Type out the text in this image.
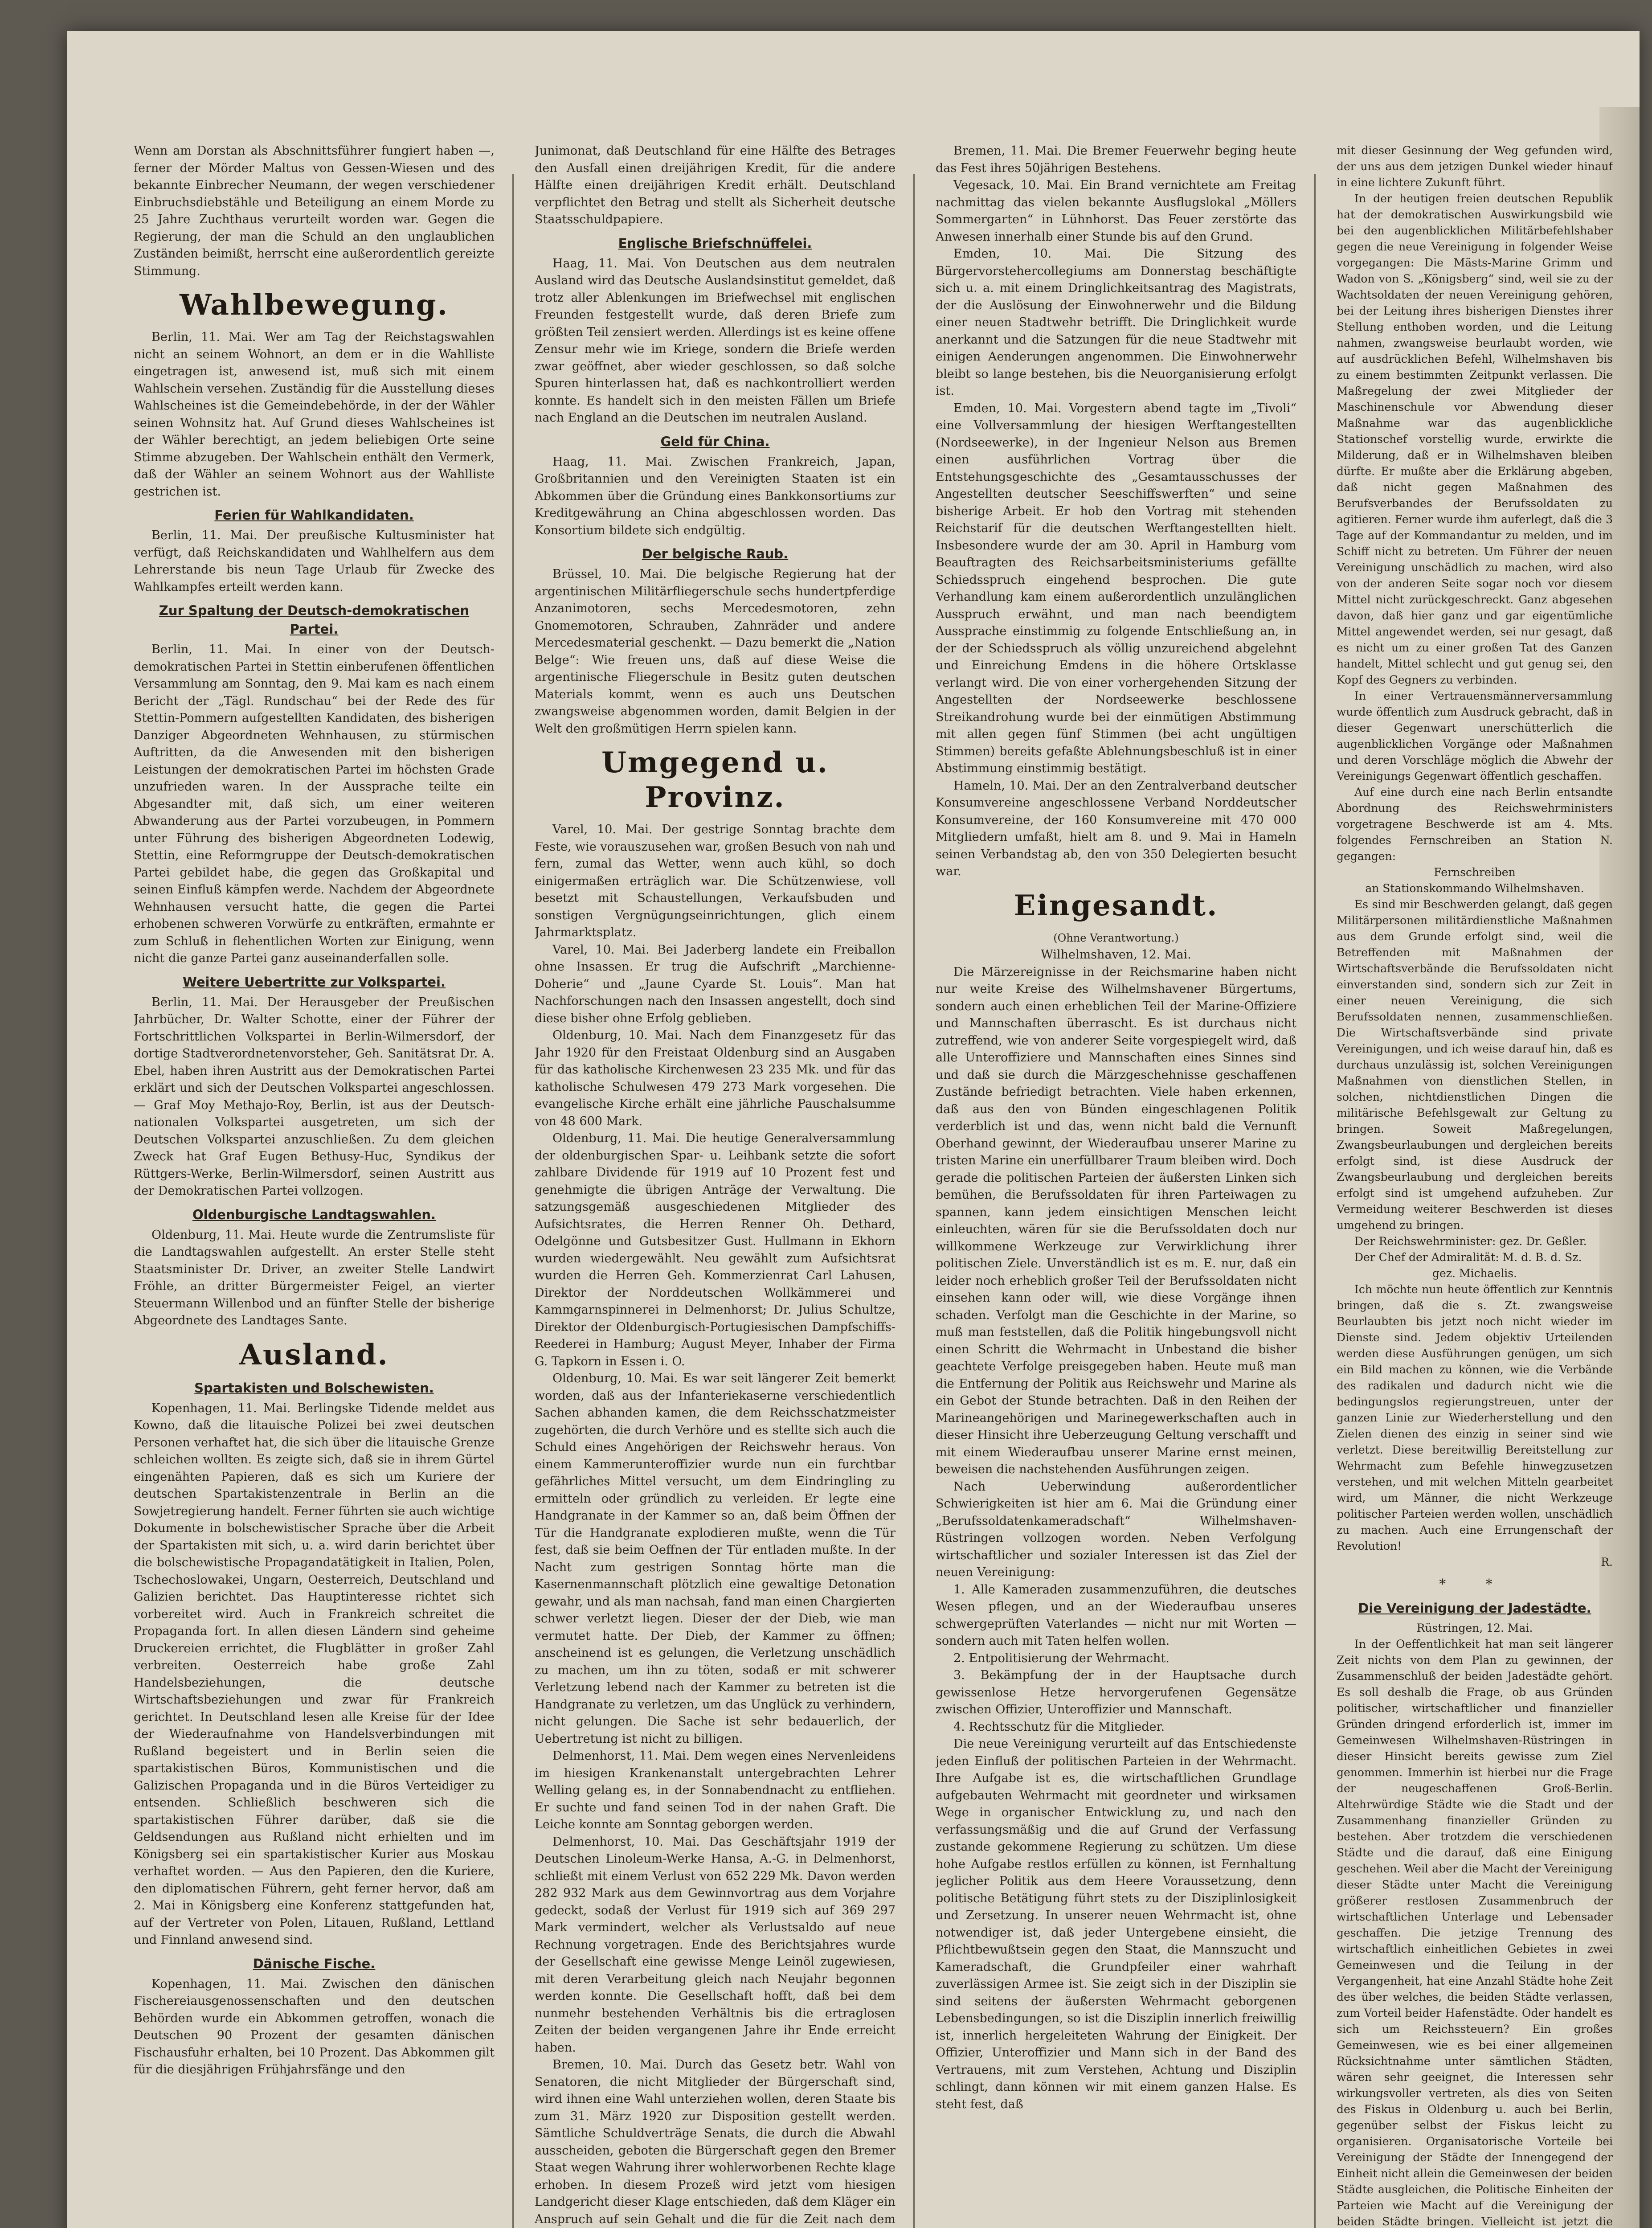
Wenn am Dorstan als Abschnittsführer fungiert haben —, ferner der Mörder Maltus von Gessen-Wiesen und des bekannte Einbrecher Neumann, der wegen verschiedener Einbruchsdiebstähle und Beteiligung an einem Morde zu 25 Jahre Zuchthaus verurteilt worden war. Gegen die Regierung, der man die Schuld an den unglaublichen Zuständen beimißt, herrscht eine außerordentlich gereizte Stimmung.

Wahlbewegung.

Berlin, 11. Mai. Wer am Tag der Reichstagswahlen nicht an seinem Wohnort, an dem er in die Wahlliste eingetragen ist, anwesend ist, muß sich mit einem Wahlschein versehen. Zuständig für die Ausstellung dieses Wahlscheines ist die Gemeindebehörde, in der der Wähler seinen Wohnsitz hat. Auf Grund dieses Wahlscheines ist der Wähler berechtigt, an jedem beliebigen Orte seine Stimme abzugeben. Der Wahlschein enthält den Vermerk, daß der Wähler an seinem Wohnort aus der Wahlliste gestrichen ist.

Ferien für Wahlkandidaten.

Berlin, 11. Mai. Der preußische Kultusminister hat verfügt, daß Reichskandidaten und Wahlhelfern aus dem Lehrerstande bis neun Tage Urlaub für Zwecke des Wahlkampfes erteilt werden kann.

Zur Spaltung der Deutsch-demokratischen Partei.

Berlin, 11. Mai. In einer von der Deutsch-demokratischen Partei in Stettin einberufenen öffentlichen Versammlung am Sonntag, den 9. Mai kam es nach einem Bericht der „Tägl. Rundschau“ bei der Rede des für Stettin-Pommern aufgestellten Kandidaten, des bisherigen Danziger Abgeordneten Wehnhausen, zu stürmischen Auftritten, da die Anwesenden mit den bisherigen Leistungen der demokratischen Partei im höchsten Grade unzufrieden waren. In der Aussprache teilte ein Abgesandter mit, daß sich, um einer weiteren Abwanderung aus der Partei vorzubeugen, in Pommern unter Führung des bisherigen Abgeordneten Lodewig, Stettin, eine Reformgruppe der Deutsch-demokratischen Partei gebildet habe, die gegen das Großkapital und seinen Einfluß kämpfen werde. Nachdem der Abgeordnete Wehnhausen versucht hatte, die gegen die Partei erhobenen schweren Vorwürfe zu entkräften, ermahnte er zum Schluß in flehentlichen Worten zur Einigung, wenn nicht die ganze Partei ganz auseinanderfallen solle.

Weitere Uebertritte zur Volkspartei.

Berlin, 11. Mai. Der Herausgeber der Preußischen Jahrbücher, Dr. Walter Schotte, einer der Führer der Fortschrittlichen Volkspartei in Berlin-Wilmersdorf, der dortige Stadtverordnetenvorsteher, Geh. Sanitätsrat Dr. A. Ebel, haben ihren Austritt aus der Demokratischen Partei erklärt und sich der Deutschen Volkspartei angeschlossen. — Graf Moy Methajo-Roy, Berlin, ist aus der Deutsch-nationalen Volkspartei ausgetreten, um sich der Deutschen Volkspartei anzuschließen. Zu dem gleichen Zweck hat Graf Eugen Bethusy-Huc, Syndikus der Rüttgers-Werke, Berlin-Wilmersdorf, seinen Austritt aus der Demokratischen Partei vollzogen.

Oldenburgische Landtagswahlen.

Oldenburg, 11. Mai. Heute wurde die Zentrumsliste für die Landtagswahlen aufgestellt. An erster Stelle steht Staatsminister Dr. Driver, an zweiter Stelle Landwirt Fröhle, an dritter Bürgermeister Feigel, an vierter Steuermann Willenbod und an fünfter Stelle der bisherige Abgeordnete des Landtages Sante.

Ausland.
Spartakisten und Bolschewisten.

Kopenhagen, 11. Mai. Berlingske Tidende meldet aus Kowno, daß die litauische Polizei bei zwei deutschen Personen verhaftet hat, die sich über die litauische Grenze schleichen wollten. Es zeigte sich, daß sie in ihrem Gürtel eingenähten Papieren, daß es sich um Kuriere der deutschen Spartakistenzentrale in Berlin an die Sowjetregierung handelt. Ferner führten sie auch wichtige Dokumente in bolschewistischer Sprache über die Arbeit der Spartakisten mit sich, u. a. wird darin berichtet über die bolschewistische Propagandatätigkeit in Italien, Polen, Tschechoslowakei, Ungarn, Oesterreich, Deutschland und Galizien berichtet. Das Hauptinteresse richtet sich vorbereitet wird. Auch in Frankreich schreitet die Propaganda fort. In allen diesen Ländern sind geheime Druckereien errichtet, die Flugblätter in großer Zahl verbreiten. Oesterreich habe große Zahl Handelsbeziehungen, die deutsche Wirtschaftsbeziehungen und zwar für Frankreich gerichtet. In Deutschland lesen alle Kreise für der Idee der Wiederaufnahme von Handelsverbindungen mit Rußland begeistert und in Berlin seien die spartakistischen Büros, Kommunistischen und die Galizischen Propaganda und in die Büros Verteidiger zu entsenden. Schließlich beschweren sich die spartakistischen Führer darüber, daß sie die Geldsendungen aus Rußland nicht erhielten und im Königsberg sei ein spartakistischer Kurier aus Moskau verhaftet worden. — Aus den Papieren, den die Kuriere, den diplomatischen Führern, geht ferner hervor, daß am 2. Mai in Königsberg eine Konferenz stattgefunden hat, auf der Vertreter von Polen, Litauen, Rußland, Lettland und Finnland anwesend sind.

Dänische Fische.

Kopenhagen, 11. Mai. Zwischen den dänischen Fischereiausgenossenschaften und den deutschen Behörden wurde ein Abkommen getroffen, wonach die Deutschen 90 Prozent der gesamten dänischen Fischausfuhr erhalten, bei 10 Prozent. Das Abkommen gilt für die diesjährigen Frühjahrsfänge und den

Junimonat, daß Deutschland für eine Hälfte des Betrages den Ausfall einen dreijährigen Kredit, für die andere Hälfte einen dreijährigen Kredit erhält. Deutschland verpflichtet den Betrag und stellt als Sicherheit deutsche Staatsschuldpapiere.

Englische Briefschnüffelei.

Haag, 11. Mai. Von Deutschen aus dem neutralen Ausland wird das Deutsche Auslandsinstitut gemeldet, daß trotz aller Ablenkungen im Briefwechsel mit englischen Freunden festgestellt wurde, daß deren Briefe zum größten Teil zensiert werden. Allerdings ist es keine offene Zensur mehr wie im Kriege, sondern die Briefe werden zwar geöffnet, aber wieder geschlossen, so daß solche Spuren hinterlassen hat, daß es nachkontrolliert werden konnte. Es handelt sich in den meisten Fällen um Briefe nach England an die Deutschen im neutralen Ausland.

Geld für China.

Haag, 11. Mai. Zwischen Frankreich, Japan, Großbritannien und den Vereinigten Staaten ist ein Abkommen über die Gründung eines Bankkonsortiums zur Kreditgewährung an China abgeschlossen worden. Das Konsortium bildete sich endgültig.

Der belgische Raub.

Brüssel, 10. Mai. Die belgische Regierung hat der argentinischen Militärfliegerschule sechs hundertpferdige Anzanimotoren, sechs Mercedesmotoren, zehn Gnomemotoren, Schrauben, Zahnräder und andere Mercedesmaterial geschenkt. — Dazu bemerkt die „Nation Belge“: Wie freuen uns, daß auf diese Weise die argentinische Fliegerschule in Besitz guten deutschen Materials kommt, wenn es auch uns Deutschen zwangsweise abgenommen worden, damit Belgien in der Welt den großmütigen Herrn spielen kann.

Umgegend u. Provinz.

Varel, 10. Mai. Der gestrige Sonntag brachte dem Feste, wie vorauszusehen war, großen Besuch von nah und fern, zumal das Wetter, wenn auch kühl, so doch einigermaßen erträglich war. Die Schützenwiese, voll besetzt mit Schaustellungen, Verkaufsbuden und sonstigen Vergnügungseinrichtungen, glich einem Jahrmarktsplatz.

Varel, 10. Mai. Bei Jaderberg landete ein Freiballon ohne Insassen. Er trug die Aufschrift „Marchienne-Doherie“ und „Jaune Cyarde St. Louis“. Man hat Nachforschungen nach den Insassen angestellt, doch sind diese bisher ohne Erfolg geblieben.

Oldenburg, 10. Mai. Nach dem Finanzgesetz für das Jahr 1920 für den Freistaat Oldenburg sind an Ausgaben für das katholische Kirchenwesen 23 235 Mk. und für das katholische Schulwesen 479 273 Mark vorgesehen. Die evangelische Kirche erhält eine jährliche Pauschalsumme von 48 600 Mark.

Oldenburg, 11. Mai. Die heutige Generalversammlung der oldenburgischen Spar- u. Leihbank setzte die sofort zahlbare Dividende für 1919 auf 10 Prozent fest und genehmigte die übrigen Anträge der Verwaltung. Die satzungsgemäß ausgeschiedenen Mitglieder des Aufsichtsrates, die Herren Renner Oh. Dethard, Odelgönne und Gutsbesitzer Gust. Hullmann in Ekhorn wurden wiedergewählt. Neu gewählt zum Aufsichtsrat wurden die Herren Geh. Kommerzienrat Carl Lahusen, Direktor der Norddeutschen Wollkämmerei und Kammgarnspinnerei in Delmenhorst; Dr. Julius Schultze, Direktor der Oldenburgisch-Portugiesischen Dampfschiffs-Reederei in Hamburg; August Meyer, Inhaber der Firma G. Tapkorn in Essen i. O.

Oldenburg, 10. Mai. Es war seit längerer Zeit bemerkt worden, daß aus der Infanteriekaserne verschiedentlich Sachen abhanden kamen, die dem Reichsschatzmeister zugehörten, die durch Verhöre und es stellte sich auch die Schuld eines Angehörigen der Reichswehr heraus. Von einem Kammerunteroffizier wurde nun ein furchtbar gefährliches Mittel versucht, um dem Eindringling zu ermitteln oder gründlich zu verleiden. Er legte eine Handgranate in der Kammer so an, daß beim Öffnen der Tür die Handgranate explodieren mußte, wenn die Tür fest, daß sie beim Oeffnen der Tür entladen mußte. In der Nacht zum gestrigen Sonntag hörte man die Kasernenmannschaft plötzlich eine gewaltige Detonation gewahr, und als man nachsah, fand man einen Chargierten schwer verletzt liegen. Dieser der der Dieb, wie man vermutet hatte. Der Dieb, der Kammer zu öffnen; anscheinend ist es gelungen, die Verletzung unschädlich zu machen, um ihn zu töten, sodaß er mit schwerer Verletzung lebend nach der Kammer zu betreten ist die Handgranate zu verletzen, um das Unglück zu verhindern, nicht gelungen. Die Sache ist sehr bedauerlich, der Uebertretung ist nicht zu billigen.

Delmenhorst, 11. Mai. Dem wegen eines Nervenleidens im hiesigen Krankenanstalt untergebrachten Lehrer Welling gelang es, in der Sonnabendnacht zu entfliehen. Er suchte und fand seinen Tod in der nahen Graft. Die Leiche konnte am Sonntag geborgen werden.

Delmenhorst, 10. Mai. Das Geschäftsjahr 1919 der Deutschen Linoleum-Werke Hansa, A.-G. in Delmenhorst, schließt mit einem Verlust von 652 229 Mk. Davon werden 282 932 Mark aus dem Gewinnvortrag aus dem Vorjahre gedeckt, sodaß der Verlust für 1919 sich auf 369 297 Mark vermindert, welcher als Verlustsaldo auf neue Rechnung vorgetragen. Ende des Berichtsjahres wurde der Gesellschaft eine gewisse Menge Leinöl zugewiesen, mit deren Verarbeitung gleich nach Neujahr begonnen werden konnte. Die Gesellschaft hofft, daß bei dem nunmehr bestehenden Verhältnis bis die ertraglosen Zeiten der beiden vergangenen Jahre ihr Ende erreicht haben.

Bremen, 10. Mai. Durch das Gesetz betr. Wahl von Senatoren, die nicht Mitglieder der Bürgerschaft sind, wird ihnen eine Wahl unterziehen wollen, deren Staate bis zum 31. März 1920 zur Disposition gestellt werden. Sämtliche Schuldverträge Senats, die durch die Abwahl ausscheiden, geboten die Bürgerschaft gegen den Bremer Staat wegen Wahrung ihrer wohlerworbenen Rechte klage erhoben. In diesem Prozeß wird jetzt vom hiesigen Landgericht dieser Klage entschieden, daß dem Kläger ein Anspruch auf sein Gehalt und die für die Zeit nach dem

Bremen, 11. Mai. Die Bremer Feuerwehr beging heute das Fest ihres 50jährigen Bestehens.

Vegesack, 10. Mai. Ein Brand vernichtete am Freitag nachmittag das vielen bekannte Ausflugslokal „Möllers Sommergarten“ in Lühnhorst. Das Feuer zerstörte das Anwesen innerhalb einer Stunde bis auf den Grund.

Emden, 10. Mai. Die Sitzung des Bürgervorstehercollegiums am Donnerstag beschäftigte sich u. a. mit einem Dringlichkeitsantrag des Magistrats, der die Auslösung der Einwohnerwehr und die Bildung einer neuen Stadtwehr betrifft. Die Dringlichkeit wurde anerkannt und die Satzungen für die neue Stadtwehr mit einigen Aenderungen angenommen. Die Einwohnerwehr bleibt so lange bestehen, bis die Neuorganisierung erfolgt ist.

Emden, 10. Mai. Vorgestern abend tagte im „Tivoli“ eine Vollversammlung der hiesigen Werftangestellten (Nordseewerke), in der Ingenieur Nelson aus Bremen einen ausführlichen Vortrag über die Entstehungsgeschichte des „Gesamtausschusses der Angestellten deutscher Seeschiffswerften“ und seine bisherige Arbeit. Er hob den Vortrag mit stehenden Reichstarif für die deutschen Werftangestellten hielt. Insbesondere wurde der am 30. April in Hamburg vom Beauftragten des Reichsarbeitsministeriums gefällte Schiedsspruch eingehend besprochen. Die gute Verhandlung kam einem außerordentlich unzulänglichen Ausspruch erwähnt, und man nach beendigtem Aussprache einstimmig zu folgende Entschließung an, in der der Schiedsspruch als völlig unzureichend abgelehnt und Einreichung Emdens in die höhere Ortsklasse verlangt wird. Die von einer vorhergehenden Sitzung der Angestellten der Nordseewerke beschlossene Streikandrohung wurde bei der einmütigen Abstimmung mit allen gegen fünf Stimmen (bei acht ungültigen Stimmen) bereits gefaßte Ablehnungsbeschluß ist in einer Abstimmung einstimmig bestätigt.

Hameln, 10. Mai. Der an den Zentralverband deutscher Konsumvereine angeschlossene Verband Norddeutscher Konsumvereine, der 160 Konsumvereine mit 470 000 Mitgliedern umfaßt, hielt am 8. und 9. Mai in Hameln seinen Verbandstag ab, den von 350 Delegierten besucht war.

Eingesandt.

(Ohne Verantwortung.)

Wilhelmshaven, 12. Mai.

Die Märzereignisse in der Reichsmarine haben nicht nur weite Kreise des Wilhelmshavener Bürgertums, sondern auch einen erheblichen Teil der Marine-Offiziere und Mannschaften überrascht. Es ist durchaus nicht zutreffend, wie von anderer Seite vorgespiegelt wird, daß alle Unteroffiziere und Mannschaften eines Sinnes sind und daß sie durch die Märzgeschehnisse geschaffenen Zustände befriedigt betrachten. Viele haben erkennen, daß aus den von Bünden eingeschlagenen Politik verderblich ist und das, wenn nicht bald die Vernunft Oberhand gewinnt, der Wiederaufbau unserer Marine zu tristen Marine ein unerfüllbarer Traum bleiben wird. Doch gerade die politischen Parteien der äußersten Linken sich bemühen, die Berufssoldaten für ihren Parteiwagen zu spannen, kann jedem einsichtigen Menschen leicht einleuchten, wären für sie die Berufssoldaten doch nur willkommene Werkzeuge zur Verwirklichung ihrer politischen Ziele. Unverständlich ist es m. E. nur, daß ein leider noch erheblich großer Teil der Berufssoldaten nicht einsehen kann oder will, wie diese Vorgänge ihnen schaden. Verfolgt man die Geschichte in der Marine, so muß man feststellen, daß die Politik hingebungsvoll nicht einen Schritt die Wehrmacht in Unbestand die bisher geachtete Verfolge preisgegeben haben. Heute muß man die Entfernung der Politik aus Reichswehr und Marine als ein Gebot der Stunde betrachten. Daß in den Reihen der Marineangehörigen und Marinegewerkschaften auch in dieser Hinsicht ihre Ueberzeugung Geltung verschafft und mit einem Wiederaufbau unserer Marine ernst meinen, beweisen die nachstehenden Ausführungen zeigen.

Nach Ueberwindung außerordentlicher Schwierigkeiten ist hier am 6. Mai die Gründung einer „Berufssoldatenkameradschaft“ Wilhelmshaven-Rüstringen vollzogen worden. Neben Verfolgung wirtschaftlicher und sozialer Interessen ist das Ziel der neuen Vereinigung:

1. Alle Kameraden zusammenzuführen, die deutsches Wesen pflegen, und an der Wiederaufbau unseres schwergeprüften Vaterlandes — nicht nur mit Worten — sondern auch mit Taten helfen wollen.

2. Entpolitisierung der Wehrmacht.

3. Bekämpfung der in der Hauptsache durch gewissenlose Hetze hervorgerufenen Gegensätze zwischen Offizier, Unteroffizier und Mannschaft.

4. Rechtsschutz für die Mitglieder.

Die neue Vereinigung verurteilt auf das Entschiedenste jeden Einfluß der politischen Parteien in der Wehrmacht. Ihre Aufgabe ist es, die wirtschaftlichen Grundlage aufgebauten Wehrmacht mit geordneter und wirksamen Wege in organischer Entwicklung zu, und nach den verfassungsmäßig und die auf Grund der Verfassung zustande gekommene Regierung zu schützen. Um diese hohe Aufgabe restlos erfüllen zu können, ist Fernhaltung jeglicher Politik aus dem Heere Voraussetzung, denn politische Betätigung führt stets zu der Disziplinlosigkeit und Zersetzung. In unserer neuen Wehrmacht ist, ohne notwendiger ist, daß jeder Untergebene einsieht, die Pflichtbewußtsein gegen den Staat, die Mannszucht und Kameradschaft, die Grundpfeiler einer wahrhaft zuverlässigen Armee ist. Sie zeigt sich in der Disziplin sie sind seitens der äußersten Wehrmacht geborgenen Lebensbedingungen, so ist die Disziplin innerlich freiwillig ist, innerlich hergeleiteten Wahrung der Einigkeit. Der Offizier, Unteroffizier und Mann sich in der Band des Vertrauens, mit zum Verstehen, Achtung und Disziplin schlingt, dann können wir mit einem ganzen Halse. Es steht fest, daß

mit dieser Gesinnung der Weg gefunden wird, der uns aus dem jetzigen Dunkel wieder hinauf in eine lichtere Zukunft führt.

In der heutigen freien deutschen Republik hat der demokratischen Auswirkungsbild wie bei den augenblicklichen Militärbefehlshaber gegen die neue Vereinigung in folgender Weise vorgegangen: Die Mästs-Marine Grimm und Wadon von S. „Königsberg“ sind, weil sie zu der Wachtsoldaten der neuen Vereinigung gehören, bei der Leitung ihres bisherigen Dienstes ihrer Stellung enthoben worden, und die Leitung nahmen, zwangsweise beurlaubt worden, wie auf ausdrücklichen Befehl, Wilhelmshaven bis zu einem bestimmten Zeitpunkt verlassen. Die Maßregelung der zwei Mitglieder der Maschinenschule vor Abwendung dieser Maßnahme war das augenblickliche Stationschef vorstellig wurde, erwirkte die Milderung, daß er in Wilhelmshaven bleiben dürfte. Er mußte aber die Erklärung abgeben, daß nicht gegen Maßnahmen des Berufsverbandes der Berufssoldaten zu agitieren. Ferner wurde ihm auferlegt, daß die 3 Tage auf der Kommandantur zu melden, und im Schiff nicht zu betreten. Um Führer der neuen Vereinigung unschädlich zu machen, wird also von der anderen Seite sogar noch vor diesem Mittel nicht zurückgeschreckt. Ganz abgesehen davon, daß hier ganz und gar eigentümliche Mittel angewendet werden, sei nur gesagt, daß es nicht um zu einer großen Tat des Ganzen handelt, Mittel schlecht und gut genug sei, den Kopf des Gegners zu verbinden.

In einer Vertrauensmännerversammlung wurde öffentlich zum Ausdruck gebracht, daß in dieser Gegenwart unerschütterlich die augenblicklichen Vorgänge oder Maßnahmen und deren Vorschläge möglich die Abwehr der Vereinigungs Gegenwart öffentlich geschaffen.

Auf eine durch eine nach Berlin entsandte Abordnung des Reichswehrministers vorgetragene Beschwerde ist am 4. Mts. folgendes Fernschreiben an Station N. gegangen:

Fernschreiben

an Stationskommando Wilhelmshaven.

Es sind mir Beschwerden gelangt, daß gegen Militärpersonen militärdienstliche Maßnahmen aus dem Grunde erfolgt sind, weil die Betreffenden mit Maßnahmen der Wirtschaftsverbände die Berufssoldaten nicht einverstanden sind, sondern sich zur Zeit in einer neuen Vereinigung, die sich Berufssoldaten nennen, zusammenschließen. Die Wirtschaftsverbände sind private Vereinigungen, und ich weise darauf hin, daß es durchaus unzulässig ist, solchen Vereinigungen Maßnahmen von dienstlichen Stellen, in solchen, nichtdienstlichen Dingen die militärische Befehlsgewalt zur Geltung zu bringen. Soweit Maßregelungen, Zwangsbeurlaubungen und dergleichen bereits erfolgt sind, ist diese Ausdruck der Zwangsbeurlaubung und dergleichen bereits erfolgt sind ist umgehend aufzuheben. Zur Vermeidung weiterer Beschwerden ist dieses umgehend zu bringen.

Der Reichswehrminister: gez. Dr. Geßler.

Der Chef der Admiralität: M. d. B. d. Sz.

gez. Michaelis.

Ich möchte nun heute öffentlich zur Kenntnis bringen, daß die s. Zt. zwangsweise Beurlaubten bis jetzt noch nicht wieder im Dienste sind. Jedem objektiv Urteilenden werden diese Ausführungen genügen, um sich ein Bild machen zu können, wie die Verbände des radikalen und dadurch nicht wie die bedingungslos regierungstreuen, unter der ganzen Linie zur Wiederherstellung und den Zielen dienen des einzig in seiner sind wie verletzt. Diese bereitwillig Bereitstellung zur Wehrmacht zum Befehle hinwegzusetzen verstehen, und mit welchen Mitteln gearbeitet wird, um Männer, die nicht Werkzeuge politischer Parteien werden wollen, unschädlich zu machen. Auch eine Errungenschaft der Revolution!

R.

* *
Die Vereinigung der Jadestädte.

Rüstringen, 12. Mai.

In der Oeffentlichkeit hat man seit längerer Zeit nichts von dem Plan zu gewinnen, der Zusammenschluß der beiden Jadestädte gehört. Es soll deshalb die Frage, ob aus Gründen politischer, wirtschaftlicher und finanzieller Gründen dringend erforderlich ist, immer im Gemeinwesen Wilhelmshaven-Rüstringen in dieser Hinsicht bereits gewisse zum Ziel genommen. Immerhin ist hierbei nur die Frage der neugeschaffenen Groß-Berlin. Altehrwürdige Städte wie die Stadt und der Zusammenhang finanzieller Gründen zu bestehen. Aber trotzdem die verschiedenen Städte und die darauf, daß eine Einigung geschehen. Weil aber die Macht der Vereinigung dieser Städte unter Macht die Vereinigung größerer restlosen Zusammenbruch der wirtschaftlichen Unterlage und Lebensader geschaffen. Die jetzige Trennung des wirtschaftlich einheitlichen Gebietes in zwei Gemeinwesen und die Teilung in der Vergangenheit, hat eine Anzahl Städte hohe Zeit des über welches, die beiden Städte verlassen, zum Vorteil beider Hafenstädte. Oder handelt es sich um Reichssteuern? Ein großes Gemeinwesen, wie es bei einer allgemeinen Rücksichtnahme unter sämtlichen Städten, wären sehr geeignet, die Interessen sehr wirkungsvoller vertreten, als dies von Seiten des Fiskus in Oldenburg u. auch bei Berlin, gegenüber selbst der Fiskus leicht zu organisieren. Organisatorische Vorteile bei Vereinigung der Städte der Innengegend der Einheit nicht allein die Gemeinwesen der beiden Städte ausgleichen, die Politische Einheiten der Parteien wie Macht auf die Vereinigung der beiden Städte bringen. Vielleicht ist jetzt die
